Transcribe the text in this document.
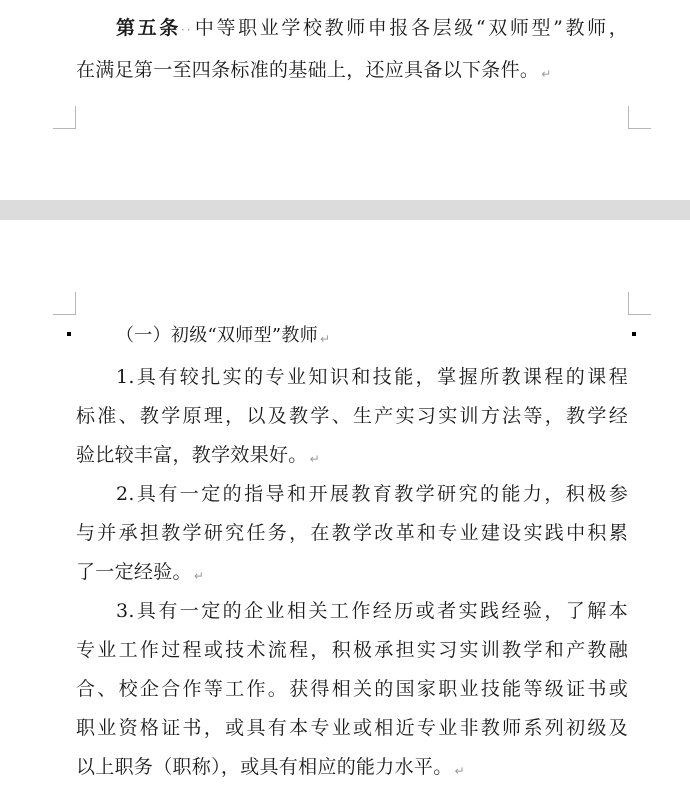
第五条··中等职业学校教师申报各层级“双师型”教师，
在满足第一至四条标准的基础上，还应具备以下条件。 ↵
（一）初级“双师型”教师 ↵
1.具有较扎实的专业知识和技能，掌握所教课程的课程
标准、教学原理，以及教学、生产实习实训方法等，教学经
验比较丰富，教学效果好。 ↵
2.具有一定的指导和开展教育教学研究的能力，积极参
与并承担教学研究任务，在教学改革和专业建设实践中积累
了一定经验。 ↵
3.具有一定的企业相关工作经历或者实践经验，了解本
专业工作过程或技术流程，积极承担实习实训教学和产教融
合、校企合作等工作。获得相关的国家职业技能等级证书或
职业资格证书，或具有本专业或相近专业非教师系列初级及
以上职务（职称），或具有相应的能力水平。 ↵
